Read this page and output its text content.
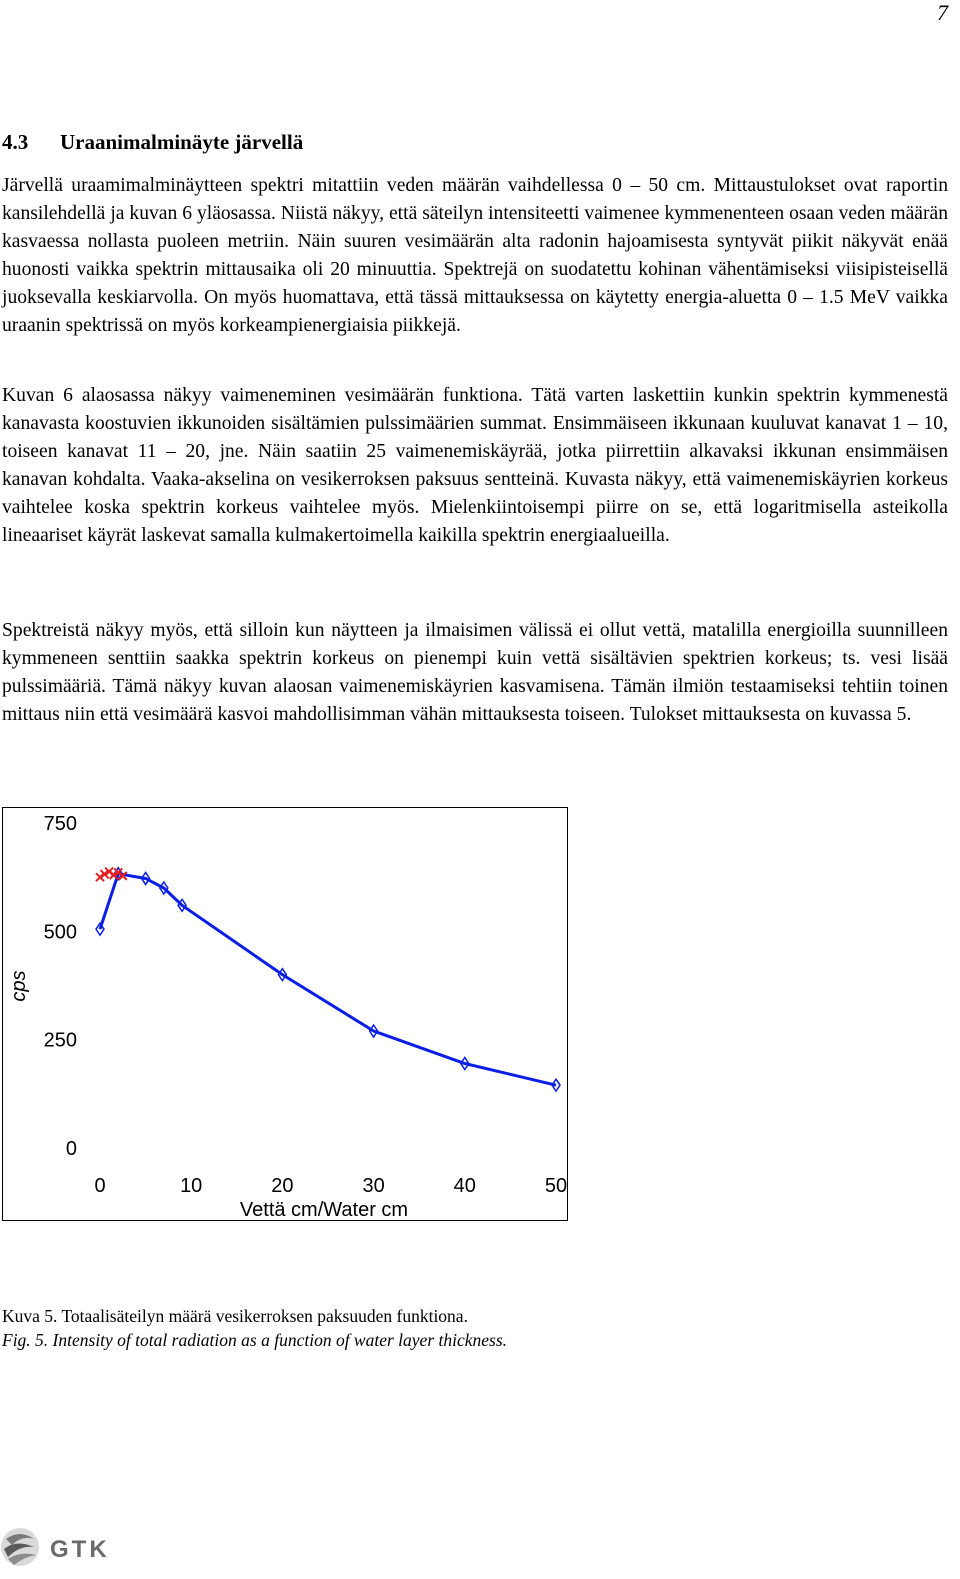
7
4.3 Uraanimalminäyte järvellä

Järvellä uraamimalminäytteen spektri mitattiin veden määrän vaihdellessa 0 – 50 cm. Mittaustulokset ovat raportin kansilehdellä ja kuvan 6 yläosassa. Niistä näkyy, että säteilyn intensiteetti vaimenee kymmenenteen osaan veden määrän kasvaessa nollasta puoleen metriin. Näin suuren vesimäärän alta radonin hajoamisesta syntyvät piikit näkyvät enää huonosti vaikka spektrin mittausaika oli 20 minuuttia. Spektrejä on suodatettu kohinan vähentämiseksi viisipisteisellä juoksevalla keskiarvolla. On myös huomattava, että tässä mittauksessa on käytetty energia-aluetta 0 – 1.5 MeV vaikka uraanin spektrissä on myös korkeampienergiaisia piikkejä.

Kuvan 6 alaosassa näkyy vaimeneminen vesimäärän funktiona. Tätä varten laskettiin kunkin spektrin kymmenestä kanavasta koostuvien ikkunoiden sisältämien pulssimäärien summat. Ensimmäiseen ikkunaan kuuluvat kanavat 1 – 10, toiseen kanavat 11 – 20, jne. Näin saatiin 25 vaimenemiskäyrää, jotka piirrettiin alkavaksi ikkunan ensimmäisen kanavan kohdalta. Vaaka-akselina on vesikerroksen paksuus sentteinä. Kuvasta näkyy, että vaimenemiskäyrien korkeus vaihtelee koska spektrin korkeus vaihtelee myös. Mielenkiintoisempi piirre on se, että logaritmisella asteikolla lineaariset käyrät laskevat samalla kulmakertoimella kaikilla spektrin energiaalueilla.

Spektreistä näkyy myös, että silloin kun näytteen ja ilmaisimen välissä ei ollut vettä, matalilla energioilla suunnilleen kymmeneen senttiin saakka spektrin korkeus on pienempi kuin vettä sisältävien spektrien korkeus; ts. vesi lisää pulssimääriä. Tämä näkyy kuvan alaosan vaimenemiskäyrien kasvamisena. Tämän ilmiön testaamiseksi tehtiin toinen mittaus niin että vesimäärä kasvoi mahdollisimman vähän mittauksesta toiseen. Tulokset mittauksesta on kuvassa 5.

cps
Vettä cm/Water cm
0
250
500
750
0	10	20	30	40	50

Kuva 5. Totaalisäteilyn määrä vesikerroksen paksuuden funktiona.

Fig. 5. Intensity of total radiation as a function of water layer thickness.

GTK
